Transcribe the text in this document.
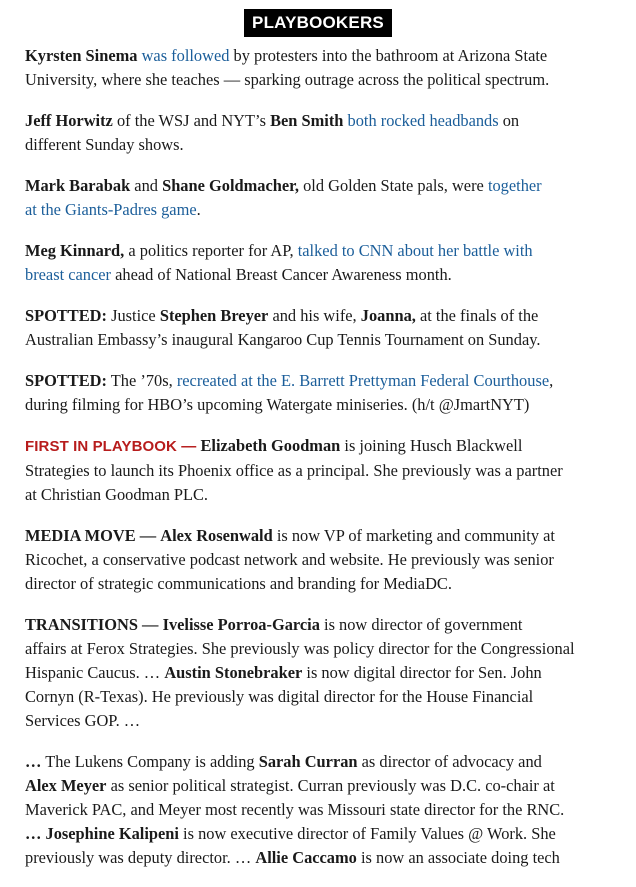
PLAYBOOKERS

Kyrsten Sinema was followed by protesters into the bathroom at Arizona State
University, where she teaches — sparking outrage across the political spectrum.

Jeff Horwitz of the WSJ and NYT’s Ben Smith both rocked headbands on
different Sunday shows.

Mark Barabak and Shane Goldmacher, old Golden State pals, were together
at the Giants-Padres game.

Meg Kinnard, a politics reporter for AP, talked to CNN about her battle with
breast cancer ahead of National Breast Cancer Awareness month.

SPOTTED: Justice Stephen Breyer and his wife, Joanna, at the finals of the
Australian Embassy’s inaugural Kangaroo Cup Tennis Tournament on Sunday.

SPOTTED: The ’70s, recreated at the E. Barrett Prettyman Federal Courthouse,
during filming for HBO’s upcoming Watergate miniseries. (h/t @JmartNYT)

FIRST IN PLAYBOOK — Elizabeth Goodman is joining Husch Blackwell
Strategies to launch its Phoenix office as a principal. She previously was a partner
at Christian Goodman PLC.

MEDIA MOVE — Alex Rosenwald is now VP of marketing and community at
Ricochet, a conservative podcast network and website. He previously was senior
director of strategic communications and branding for MediaDC.

TRANSITIONS — Ivelisse Porroa-Garcia is now director of government
affairs at Ferox Strategies. She previously was policy director for the Congressional
Hispanic Caucus. … Austin Stonebraker is now digital director for Sen. John
Cornyn (R-Texas). He previously was digital director for the House Financial
Services GOP. …

… The Lukens Company is adding Sarah Curran as director of advocacy and
Alex Meyer as senior political strategist. Curran previously was D.C. co-chair at
Maverick PAC, and Meyer most recently was Missouri state director for the RNC.
… Josephine Kalipeni is now executive director of Family Values @ Work. She
previously was deputy director. … Allie Caccamo is now an associate doing tech
